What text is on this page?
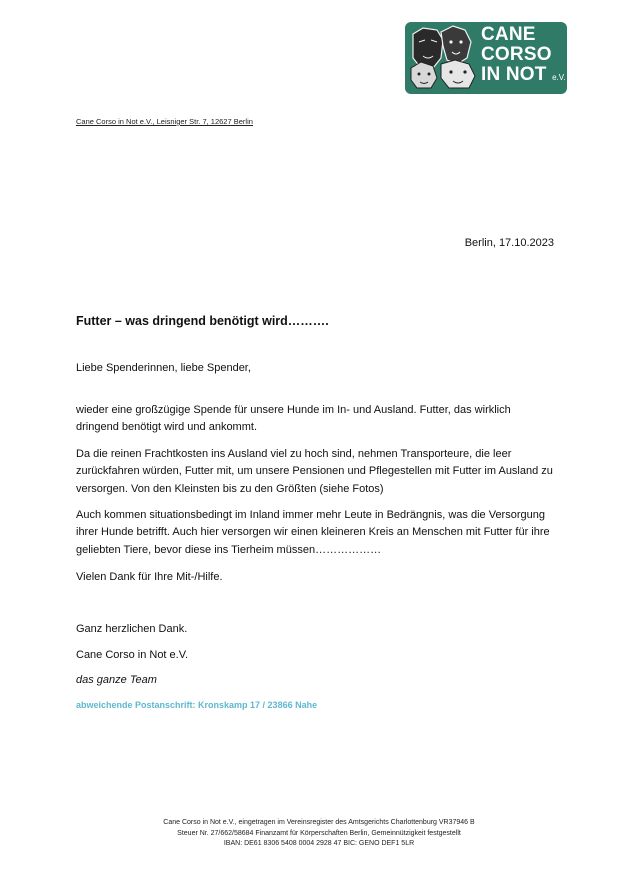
CANE
CORSO
IN NOT e.V.
Cane Corso in Not e.V., Leisniger Str. 7, 12627 Berlin
Berlin, 17.10.2023
Futter – was dringend benötigt wird……….
Liebe Spenderinnen, liebe Spender,
wieder eine großzügige Spende für unsere Hunde im In- und Ausland. Futter, das wirklich dringend benötigt wird und ankommt.
Da die reinen Frachtkosten ins Ausland viel zu hoch sind, nehmen Transporteure, die leer zurückfahren würden, Futter mit, um unsere Pensionen und Pflegestellen mit Futter im Ausland zu versorgen. Von den Kleinsten bis zu den Größten (siehe Fotos)
Auch kommen situationsbedingt im Inland immer mehr Leute in Bedrängnis, was die Versorgung ihrer Hunde betrifft. Auch hier versorgen wir einen kleineren Kreis an Menschen mit Futter für ihre geliebten Tiere, bevor diese ins Tierheim müssen………………
Vielen Dank für Ihre Mit-/Hilfe.
Ganz herzlichen Dank.
Cane Corso in Not e.V.
das ganze Team
abweichende Postanschrift: Kronskamp 17 / 23866 Nahe
Cane Corso in Not e.V., eingetragen im Vereinsregister des Amtsgerichts Charlottenburg VR37946 B
Steuer Nr. 27/662/58684 Finanzamt für Körperschaften Berlin, Gemeinnützigkeit festgestellt
IBAN: DE61 8306 5408 0004 2928 47 BIC: GENO DEF1 5LR
